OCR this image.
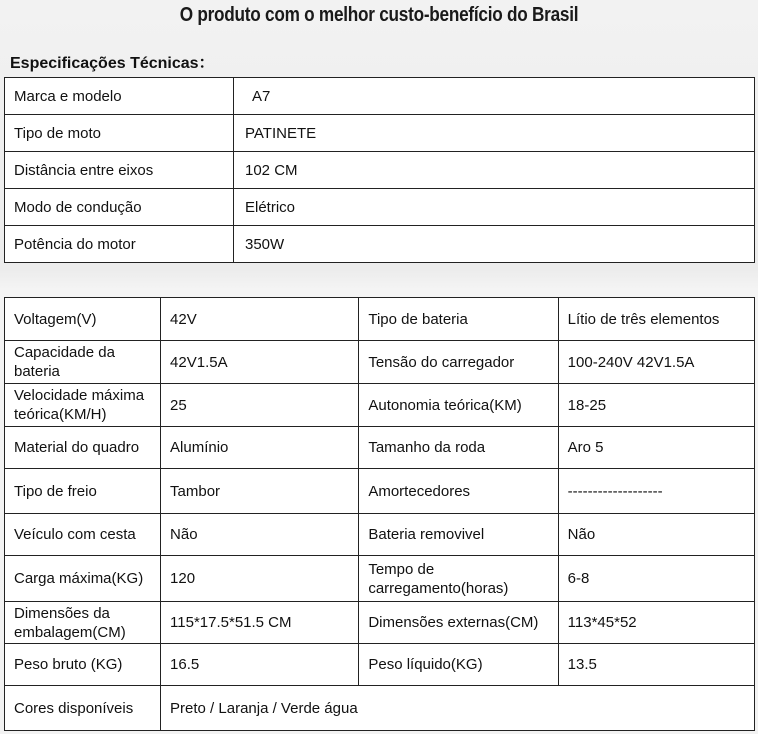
O produto com o melhor custo-benefício do Brasil
Especificações Técnicas：
Marca e modelo	A7
Tipo de moto	PATINETE
Distância entre eixos	102 CM
Modo de condução	Elétrico
Potência do motor	350W
Voltagem(V)	42V	Tipo de bateria	Lítio de três elementos
Capacidade da bateria	42V1.5A	Tensão do carregador	100-240V 42V1.5A
Velocidade máxima teórica(KM/H)	25	Autonomia teórica(KM)	18-25
Material do quadro	Alumínio	Tamanho da roda	Aro 5
Tipo de freio	Tambor	Amortecedores	-------------------
Veículo com cesta	Não	Bateria removivel	Não
Carga máxima(KG)	120	Tempo de carregamento(horas)	6-8
Dimensões da embalagem(CM)	115*17.5*51.5 CM	Dimensões externas(CM)	113*45*52
Peso bruto (KG)	16.5	Peso líquido(KG)	13.5
Cores disponíveis	Preto / Laranja / Verde água		
